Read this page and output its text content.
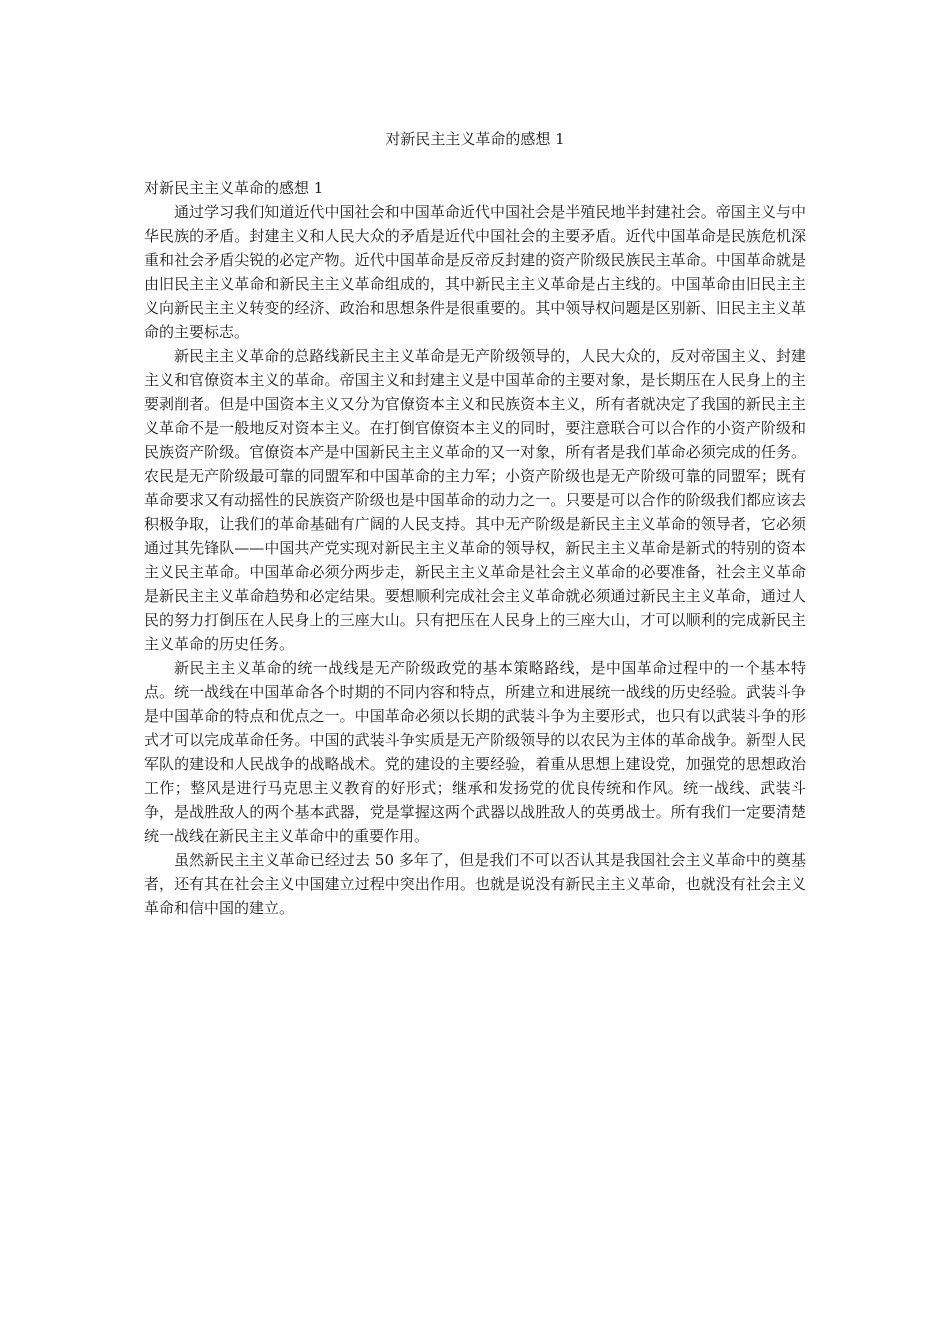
对新民主主义革命的感想 1

对新民主主义革命的感想 1

通过学习我们知道近代中国社会和中国革命近代中国社会是半殖民地半封建社会。帝国主义与中华民族的矛盾。封建主义和人民大众的矛盾是近代中国社会的主要矛盾。近代中国革命是民族危机深重和社会矛盾尖锐的必定产物。近代中国革命是反帝反封建的资产阶级民族民主革命。中国革命就是由旧民主主义革命和新民主主义革命组成的，其中新民主主义革命是占主线的。中国革命由旧民主主义向新民主主义转变的经济、政治和思想条件是很重要的。其中领导权问题是区别新、旧民主主义革命的主要标志。

新民主主义革命的总路线新民主主义革命是无产阶级领导的，人民大众的，反对帝国主义、封建主义和官僚资本主义的革命。帝国主义和封建主义是中国革命的主要对象，是长期压在人民身上的主要剥削者。但是中国资本主义又分为官僚资本主义和民族资本主义，所有者就决定了我国的新民主主义革命不是一般地反对资本主义。在打倒官僚资本主义的同时，要注意联合可以合作的小资产阶级和民族资产阶级。官僚资本产是中国新民主主义革命的又一对象，所有者是我们革命必须完成的任务。农民是无产阶级最可靠的同盟军和中国革命的主力军；小资产阶级也是无产阶级可靠的同盟军；既有革命要求又有动摇性的民族资产阶级也是中国革命的动力之一。只要是可以合作的阶级我们都应该去积极争取，让我们的革命基础有广阔的人民支持。其中无产阶级是新民主主义革命的领导者，它必须通过其先锋队——中国共产党实现对新民主主义革命的领导权，新民主主义革命是新式的特别的资本主义民主革命。中国革命必须分两步走，新民主主义革命是社会主义革命的必要准备，社会主义革命是新民主主义革命趋势和必定结果。要想顺利完成社会主义革命就必须通过新民主主义革命，通过人民的努力打倒压在人民身上的三座大山。只有把压在人民身上的三座大山，才可以顺利的完成新民主主义革命的历史任务。

新民主主义革命的统一战线是无产阶级政党的基本策略路线，是中国革命过程中的一个基本特点。统一战线在中国革命各个时期的不同内容和特点，所建立和进展统一战线的历史经验。武装斗争是中国革命的特点和优点之一。中国革命必须以长期的武装斗争为主要形式，也只有以武装斗争的形式才可以完成革命任务。中国的武装斗争实质是无产阶级领导的以农民为主体的革命战争。新型人民军队的建设和人民战争的战略战术。党的建设的主要经验，着重从思想上建设党，加强党的思想政治工作；整风是进行马克思主义教育的好形式；继承和发扬党的优良传统和作风。统一战线、武装斗争，是战胜敌人的两个基本武器，党是掌握这两个武器以战胜敌人的英勇战士。所有我们一定要清楚统一战线在新民主主义革命中的重要作用。

虽然新民主主义革命已经过去 50 多年了，但是我们不可以否认其是我国社会主义革命中的奠基者，还有其在社会主义中国建立过程中突出作用。也就是说没有新民主主义革命，也就没有社会主义革命和信中国的建立。
